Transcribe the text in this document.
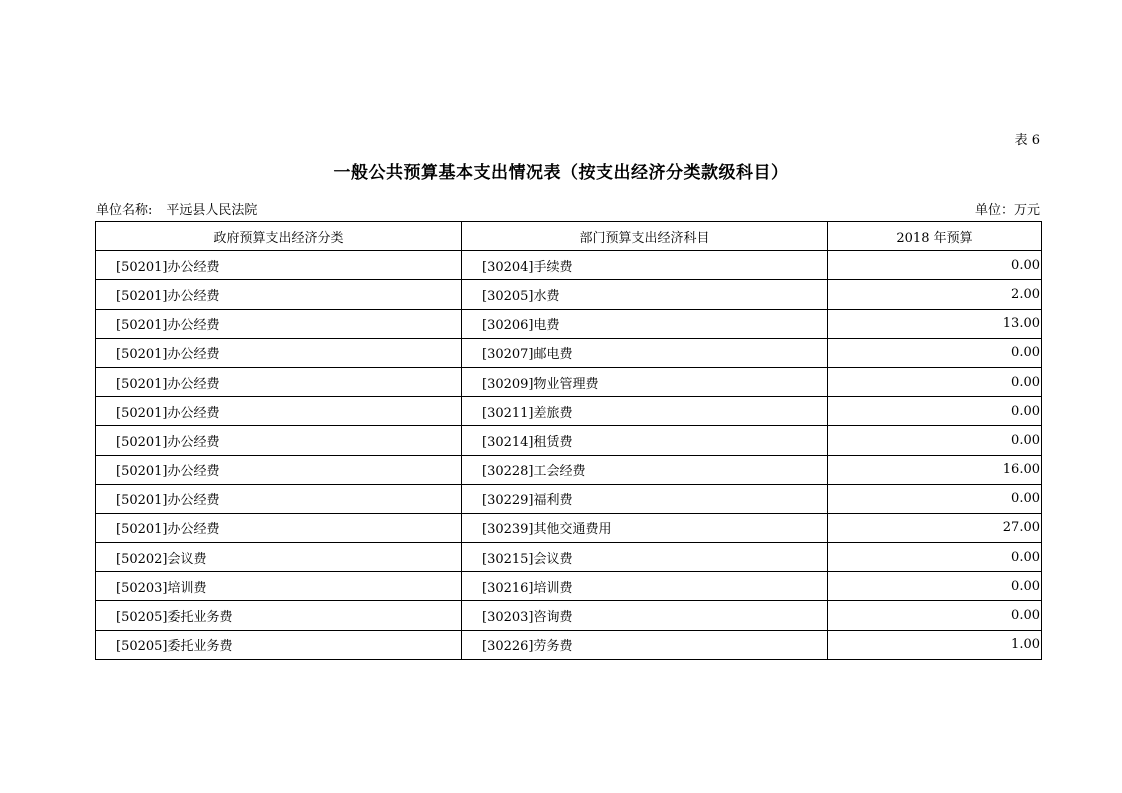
表 6
一般公共预算基本支出情况表（按支出经济分类款级科目）
单位名称: 平远县人民法院	单位：万元
政府预算支出经济分类	部门预算支出经济科目	2018 年预算
[50201]办公经费	[30204]手续费	0.00
[50201]办公经费	[30205]水费	2.00
[50201]办公经费	[30206]电费	13.00
[50201]办公经费	[30207]邮电费	0.00
[50201]办公经费	[30209]物业管理费	0.00
[50201]办公经费	[30211]差旅费	0.00
[50201]办公经费	[30214]租赁费	0.00
[50201]办公经费	[30228]工会经费	16.00
[50201]办公经费	[30229]福利费	0.00
[50201]办公经费	[30239]其他交通费用	27.00
[50202]会议费	[30215]会议费	0.00
[50203]培训费	[30216]培训费	0.00
[50205]委托业务费	[30203]咨询费	0.00
[50205]委托业务费	[30226]劳务费	1.00
